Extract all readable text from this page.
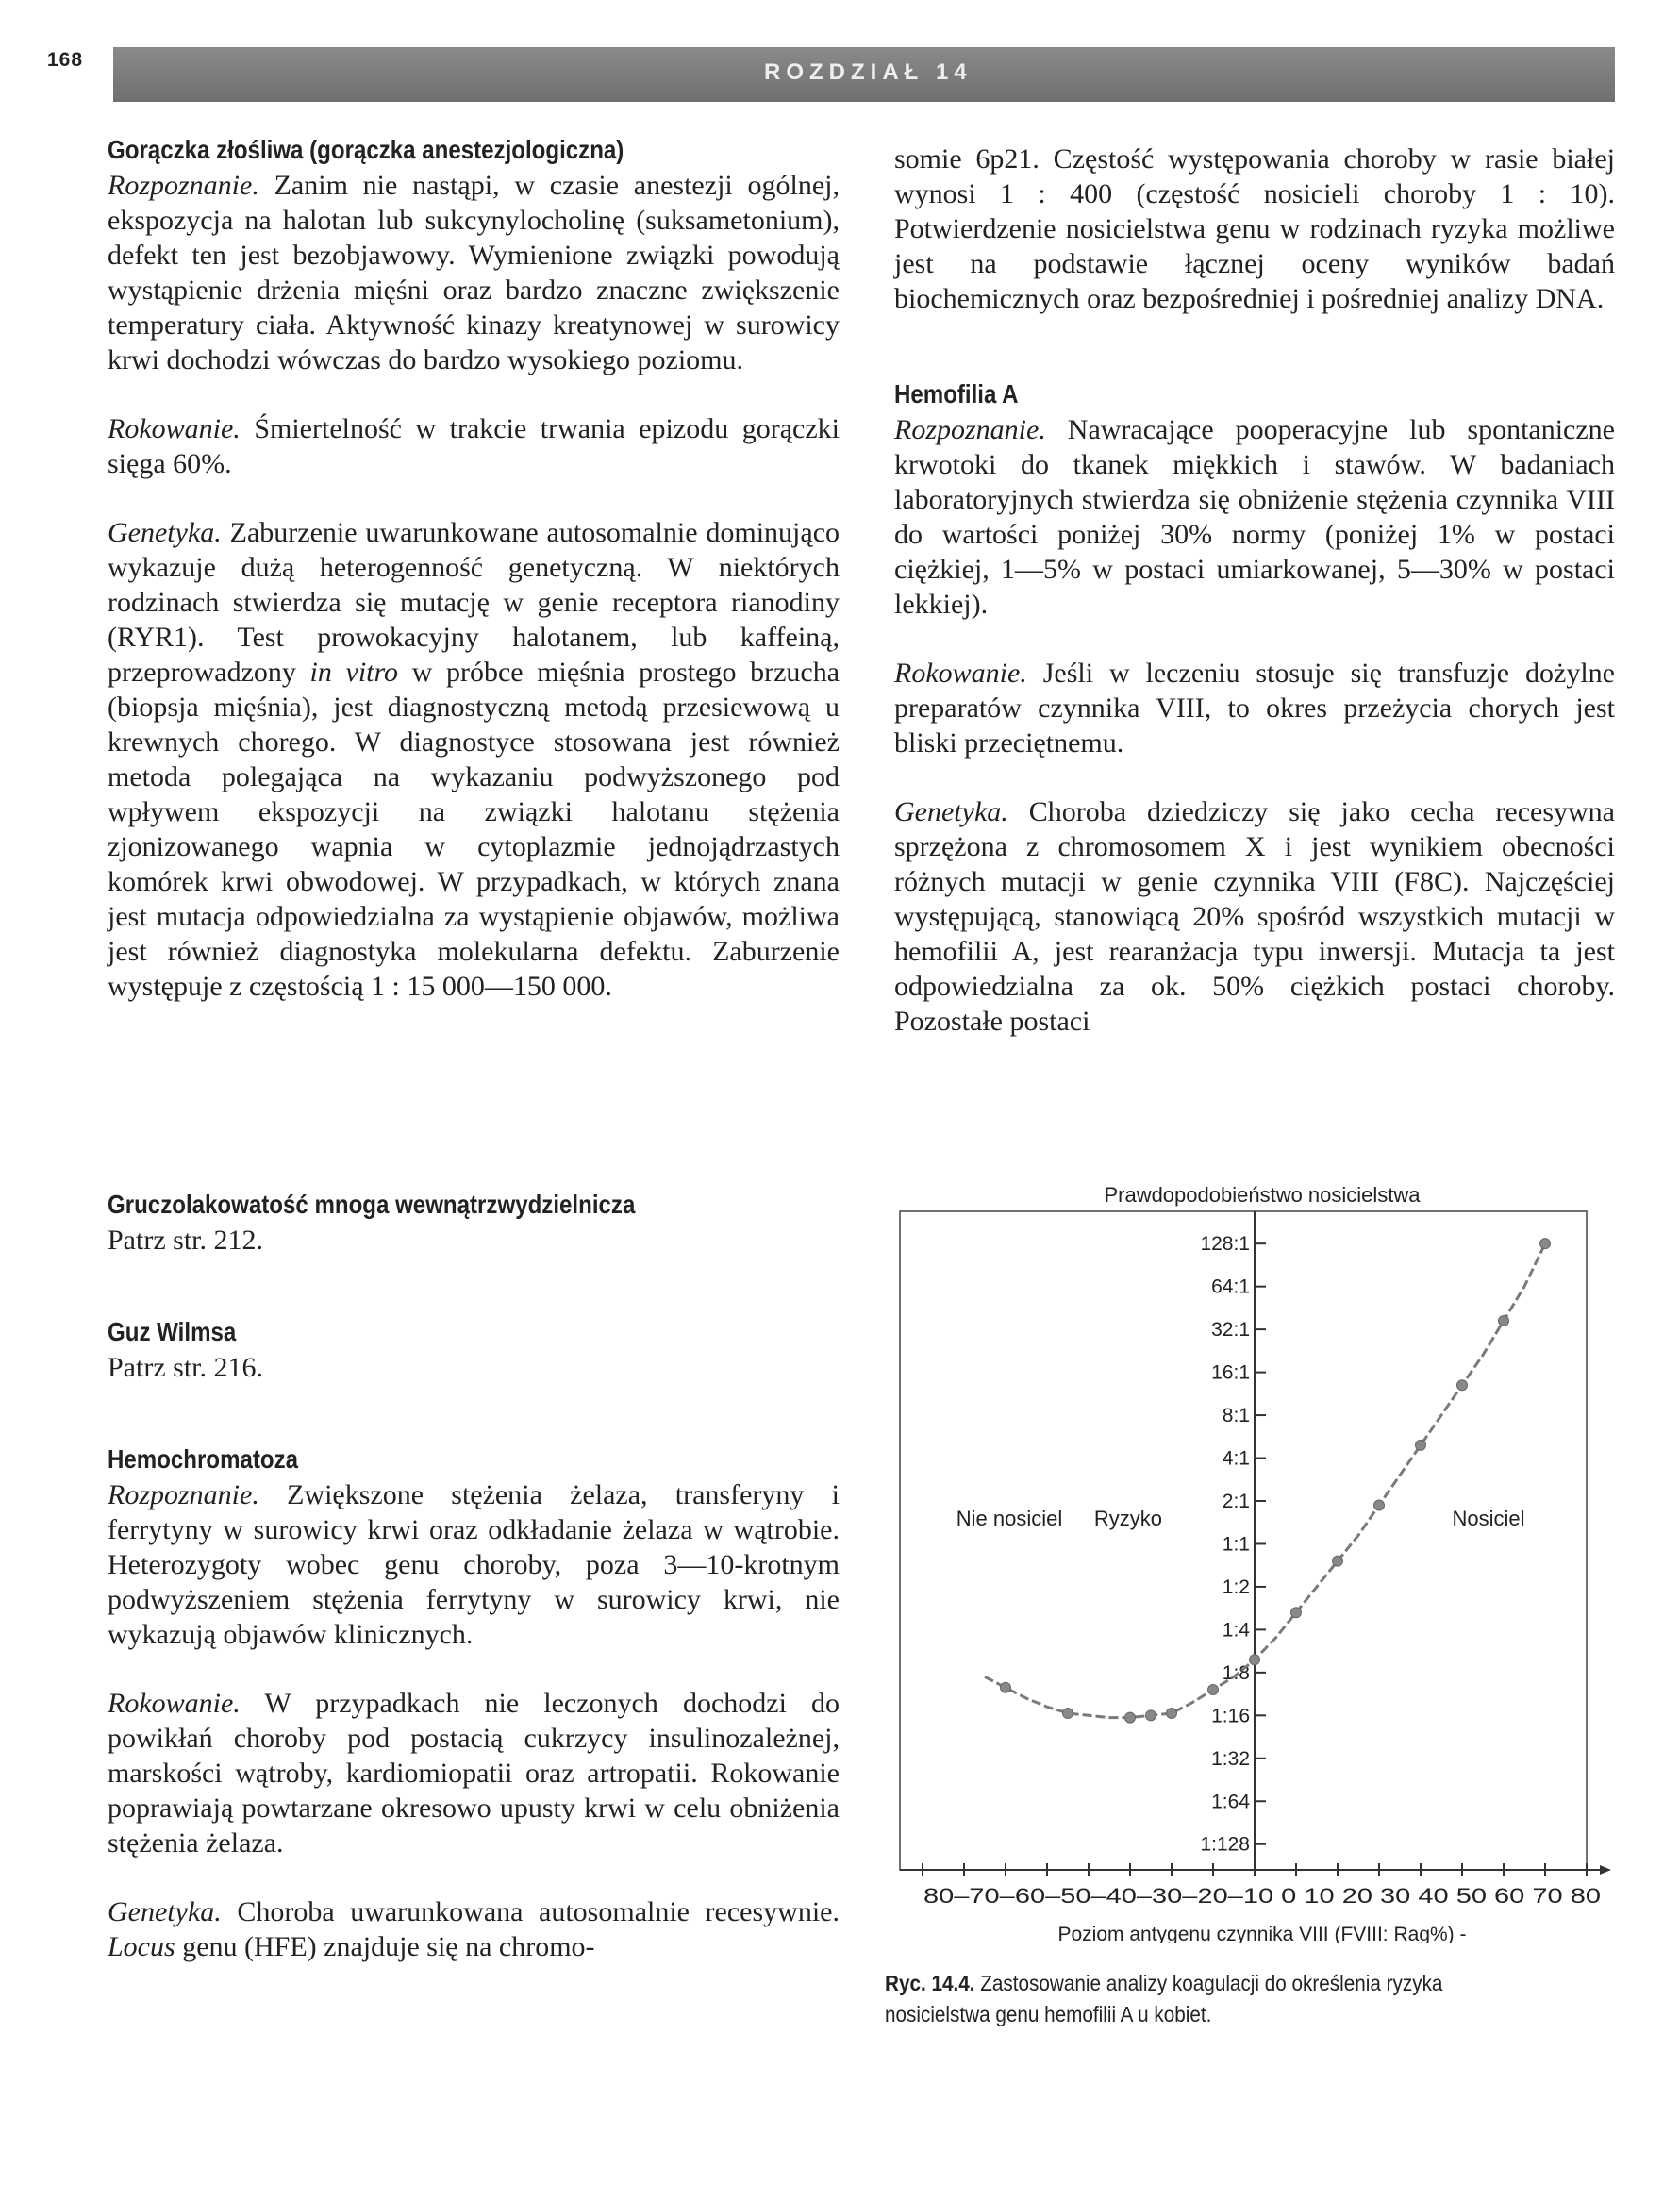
168	ROZDZIAŁ 14
Gorączka złośliwa (gorączka anestezjologiczna)

Rozpoznanie. Zanim nie nastąpi, w czasie anestezji ogólnej, ekspozycja na halotan lub sukcynylocholinę (suksametonium), defekt ten jest bezobjawowy. Wymienione związki powodują wystąpienie drżenia mięśni oraz bardzo znaczne zwiększenie temperatury ciała. Aktywność kinazy kreatynowej w surowicy krwi dochodzi wówczas do bardzo wysokiego poziomu.

Rokowanie. Śmiertelność w trakcie trwania epizodu gorączki sięga 60%.

Genetyka. Zaburzenie uwarunkowane autosomalnie dominująco wykazuje dużą heterogenność genetyczną. W niektórych rodzinach stwierdza się mutację w genie receptora rianodiny (RYR1). Test prowokacyjny halotanem, lub kaffeiną, przeprowadzony in vitro w próbce mięśnia prostego brzucha (biopsja mięśnia), jest diagnostyczną metodą przesiewową u krewnych chorego. W diagnostyce stosowana jest również metoda polegająca na wykazaniu podwyższonego pod wpływem ekspozycji na związki halotanu stężenia zjonizowanego wapnia w cytoplazmie jednojądrzastych komórek krwi obwodowej. W przypadkach, w których znana jest mutacja odpowiedzialna za wystąpienie objawów, możliwa jest również diagnostyka molekularna defektu. Zaburzenie występuje z częstością 1 : 15 000—150 000.

Gruczolakowatość mnoga wewnątrzwydzielnicza

Patrz str. 212.

Guz Wilmsa

Patrz str. 216.

Hemochromatoza

Rozpoznanie. Zwiększone stężenia żelaza, transferyny i ferrytyny w surowicy krwi oraz odkładanie żelaza w wątrobie. Heterozygoty wobec genu choroby, poza 3—10-krotnym podwyższeniem stężenia ferrytyny w surowicy krwi, nie wykazują objawów klinicznych.

Rokowanie. W przypadkach nie leczonych dochodzi do powikłań choroby pod postacią cukrzycy insulinozależnej, marskości wątroby, kardiomiopatii oraz artropatii. Rokowanie poprawiają powtarzane okresowo upusty krwi w celu obniżenia stężenia żelaza.

Genetyka. Choroba uwarunkowana autosomalnie recesywnie. Locus genu (HFE) znajduje się na chromo-

somie 6p21. Częstość występowania choroby w rasie białej wynosi 1 : 400 (częstość nosicieli choroby 1 : 10). Potwierdzenie nosicielstwa genu w rodzinach ryzyka możliwe jest na podstawie łącznej oceny wyników badań biochemicznych oraz bezpośredniej i pośredniej analizy DNA.

Hemofilia A

Rozpoznanie. Nawracające pooperacyjne lub spontaniczne krwotoki do tkanek miękkich i stawów. W badaniach laboratoryjnych stwierdza się obniżenie stężenia czynnika VIII do wartości poniżej 30% normy (poniżej 1% w postaci ciężkiej, 1—5% w postaci umiarkowanej, 5—30% w postaci lekkiej).

Rokowanie. Jeśli w leczeniu stosuje się transfuzje dożylne preparatów czynnika VIII, to okres przeżycia chorych jest bliski przeciętnemu.

Genetyka. Choroba dziedziczy się jako cecha recesywna sprzężona z chromosomem X i jest wynikiem obecności różnych mutacji w genie czynnika VIII (F8C). Najczęściej występującą, stanowiącą 20% spośród wszystkich mutacji w hemofilii A, jest rearanżacja typu inwersji. Mutacja ta jest odpowiedzialna za ok. 50% ciężkich postaci choroby. Pozostałe postaci

Prawdopodobieństwo nosicielstwa
128:1
64:1
32:1
16:1
8:1
4:1
2:1
1:1
1:2
1:4
1:8
1:16
1:32
1:64
1:128
Nie nosiciel Ryzyko	Nosiciel
80–70–60–50–40–30–20–10 0 10 20 30 40 50 60 70 80
Poziom antygenu czynnika VIII (FVIII: Rag%) -
Ryc. 14.4. Zastosowanie analizy koagulacji do określenia ryzyka nosicielstwa genu hemofilii A u kobiet.
